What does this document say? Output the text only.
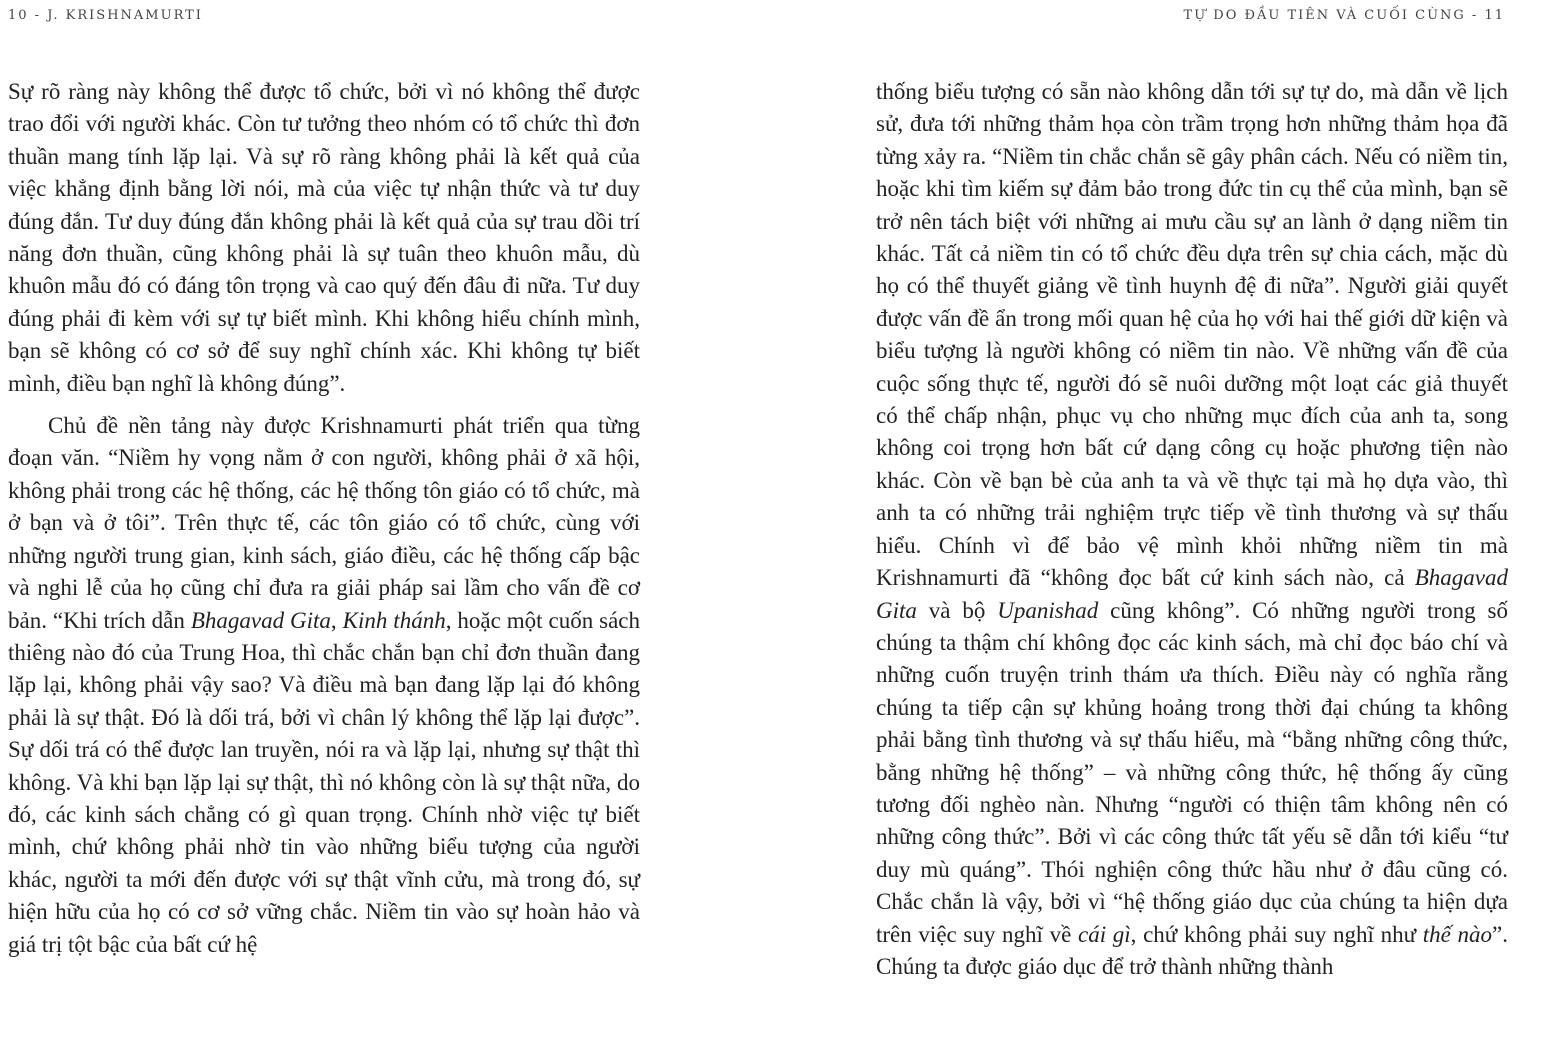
10 - J. KRISHNAMURTI	TỰ DO ĐẦU TIÊN VÀ CUỐI CÙNG - 11

Sự rõ ràng này không thể được tổ chức, bởi vì nó không thể được trao đổi với người khác. Còn tư tưởng theo nhóm có tổ chức thì đơn thuần mang tính lặp lại. Và sự rõ ràng không phải là kết quả của việc khẳng định bằng lời nói, mà của việc tự nhận thức và tư duy đúng đắn. Tư duy đúng đắn không phải là kết quả của sự trau dồi trí năng đơn thuần, cũng không phải là sự tuân theo khuôn mẫu, dù khuôn mẫu đó có đáng tôn trọng và cao quý đến đâu đi nữa. Tư duy đúng phải đi kèm với sự tự biết mình. Khi không hiểu chính mình, bạn sẽ không có cơ sở để suy nghĩ chính xác. Khi không tự biết mình, điều bạn nghĩ là không đúng”.

Chủ đề nền tảng này được Krishnamurti phát triển qua từng đoạn văn. “Niềm hy vọng nằm ở con người, không phải ở xã hội, không phải trong các hệ thống, các hệ thống tôn giáo có tổ chức, mà ở bạn và ở tôi”. Trên thực tế, các tôn giáo có tổ chức, cùng với những người trung gian, kinh sách, giáo điều, các hệ thống cấp bậc và nghi lễ của họ cũng chỉ đưa ra giải pháp sai lầm cho vấn đề cơ bản. “Khi trích dẫn Bhagavad Gita, Kinh thánh, hoặc một cuốn sách thiêng nào đó của Trung Hoa, thì chắc chắn bạn chỉ đơn thuần đang lặp lại, không phải vậy sao? Và điều mà bạn đang lặp lại đó không phải là sự thật. Đó là dối trá, bởi vì chân lý không thể lặp lại được”. Sự dối trá có thể được lan truyền, nói ra và lặp lại, nhưng sự thật thì không. Và khi bạn lặp lại sự thật, thì nó không còn là sự thật nữa, do đó, các kinh sách chẳng có gì quan trọng. Chính nhờ việc tự biết mình, chứ không phải nhờ tin vào những biểu tượng của người khác, người ta mới đến được với sự thật vĩnh cửu, mà trong đó, sự hiện hữu của họ có cơ sở vững chắc. Niềm tin vào sự hoàn hảo và giá trị tột bậc của bất cứ hệ

thống biểu tượng có sẵn nào không dẫn tới sự tự do, mà dẫn về lịch sử, đưa tới những thảm họa còn trầm trọng hơn những thảm họa đã từng xảy ra. “Niềm tin chắc chắn sẽ gây phân cách. Nếu có niềm tin, hoặc khi tìm kiếm sự đảm bảo trong đức tin cụ thể của mình, bạn sẽ trở nên tách biệt với những ai mưu cầu sự an lành ở dạng niềm tin khác. Tất cả niềm tin có tổ chức đều dựa trên sự chia cách, mặc dù họ có thể thuyết giảng về tình huynh đệ đi nữa”. Người giải quyết được vấn đề ẩn trong mối quan hệ của họ với hai thế giới dữ kiện và biểu tượng là người không có niềm tin nào. Về những vấn đề của cuộc sống thực tế, người đó sẽ nuôi dưỡng một loạt các giả thuyết có thể chấp nhận, phục vụ cho những mục đích của anh ta, song không coi trọng hơn bất cứ dạng công cụ hoặc phương tiện nào khác. Còn về bạn bè của anh ta và về thực tại mà họ dựa vào, thì anh ta có những trải nghiệm trực tiếp về tình thương và sự thấu hiểu. Chính vì để bảo vệ mình khỏi những niềm tin mà Krishnamurti đã “không đọc bất cứ kinh sách nào, cả Bhagavad Gita và bộ Upanishad cũng không”. Có những người trong số chúng ta thậm chí không đọc các kinh sách, mà chỉ đọc báo chí và những cuốn truyện trinh thám ưa thích. Điều này có nghĩa rằng chúng ta tiếp cận sự khủng hoảng trong thời đại chúng ta không phải bằng tình thương và sự thấu hiểu, mà “bằng những công thức, bằng những hệ thống” – và những công thức, hệ thống ấy cũng tương đối nghèo nàn. Nhưng “người có thiện tâm không nên có những công thức”. Bởi vì các công thức tất yếu sẽ dẫn tới kiểu “tư duy mù quáng”. Thói nghiện công thức hầu như ở đâu cũng có. Chắc chắn là vậy, bởi vì “hệ thống giáo dục của chúng ta hiện dựa trên việc suy nghĩ về cái gì, chứ không phải suy nghĩ như thế nào”. Chúng ta được giáo dục để trở thành những thành
